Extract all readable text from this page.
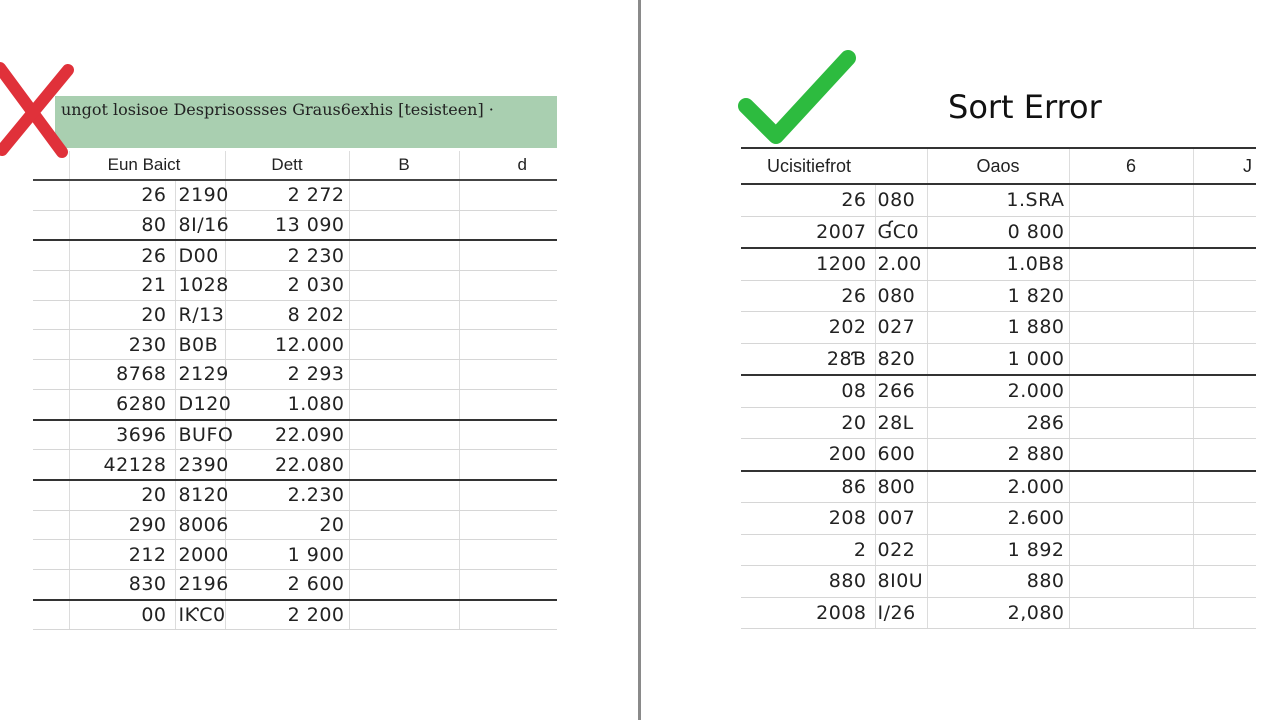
ungot losisoe Desprisossses Graus6exhis [tesisteen] ·
	Eun Baict		Dett	B	d
	26	2190	2 272		
	80	8I/16	13 090		
	26	D00	2 230		
	21	1028	2 030		
	20	R/13	8 202		
	230	B0B	12.000		
	8768	2129	2 293		
	6280	D120	1.080		
	3696	BUFO	22.090		
	42128	2390	22.080		
	20	8120	2.230		
	290	8006	20		
	212	2000	1 900		
	830	2196	2 600		
	00	IƘC0	2 200		
Sort Error
Ucisitiefrot		Oaos	6	J
26	080	1.SRA		
2007	ƓC0	0 800		
1200	2.00	1.0B8		
26	080	1 820		
202	027	1 880		
28Ɓ	820	1 000		
08	266	2.000		
20	28L	286		
200	600	2 880		
86	800	2.000		
208	007	2.600		
2	022	1 892		
880	8I0U	880		
2008	I/26	2,080		
